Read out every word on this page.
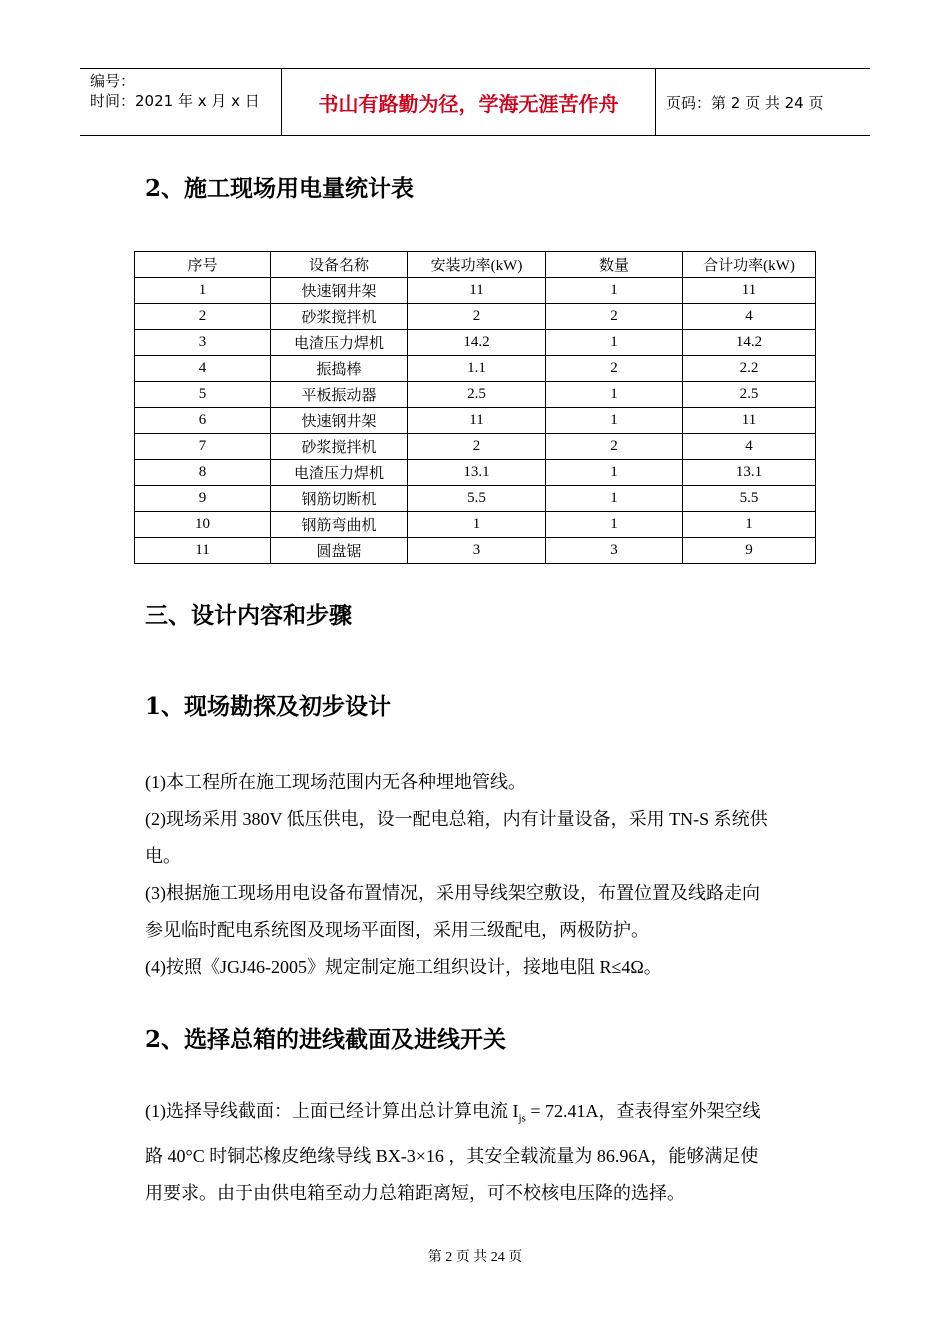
编号：
时间：2021 年 x 月 x 日	书山有路勤为径，学海无涯苦作舟	页码：第 2 页 共 24 页
2、施工现场用电量统计表
序号	设备名称	安装功率(kW)	数量	合计功率(kW)
1	快速钢井架	11	1	11
2	砂浆搅拌机	2	2	4
3	电渣压力焊机	14.2	1	14.2
4	振捣棒	1.1	2	2.2
5	平板振动器	2.5	1	2.5
6	快速钢井架	11	1	11
7	砂浆搅拌机	2	2	4
8	电渣压力焊机	13.1	1	13.1
9	钢筋切断机	5.5	1	5.5
10	钢筋弯曲机	1	1	1
11	圆盘锯	3	3	9
三、设计内容和步骤
1、现场勘探及初步设计

(1)本工程所在施工现场范围内无各种埋地管线。

(2)现场采用 380V 低压供电，设一配电总箱，内有计量设备，采用 TN-S 系统供

电。

(3)根据施工现场用电设备布置情况，采用导线架空敷设，布置位置及线路走向

参见临时配电系统图及现场平面图，采用三级配电，两极防护。

(4)按照《JGJ46-2005》规定制定施工组织设计，接地电阻 R≤4Ω。

2、选择总箱的进线截面及进线开关

(1)选择导线截面：上面已经计算出总计算电流 $I_{js} = 72.41A$，查表得室外架空线

路 40°C 时铜芯橡皮绝缘导线 BX-3×16 ，其安全载流量为 86.96A，能够满足使

用要求。由于由供电箱至动力总箱距离短，可不校核电压降的选择。

第 2 页 共 24 页
